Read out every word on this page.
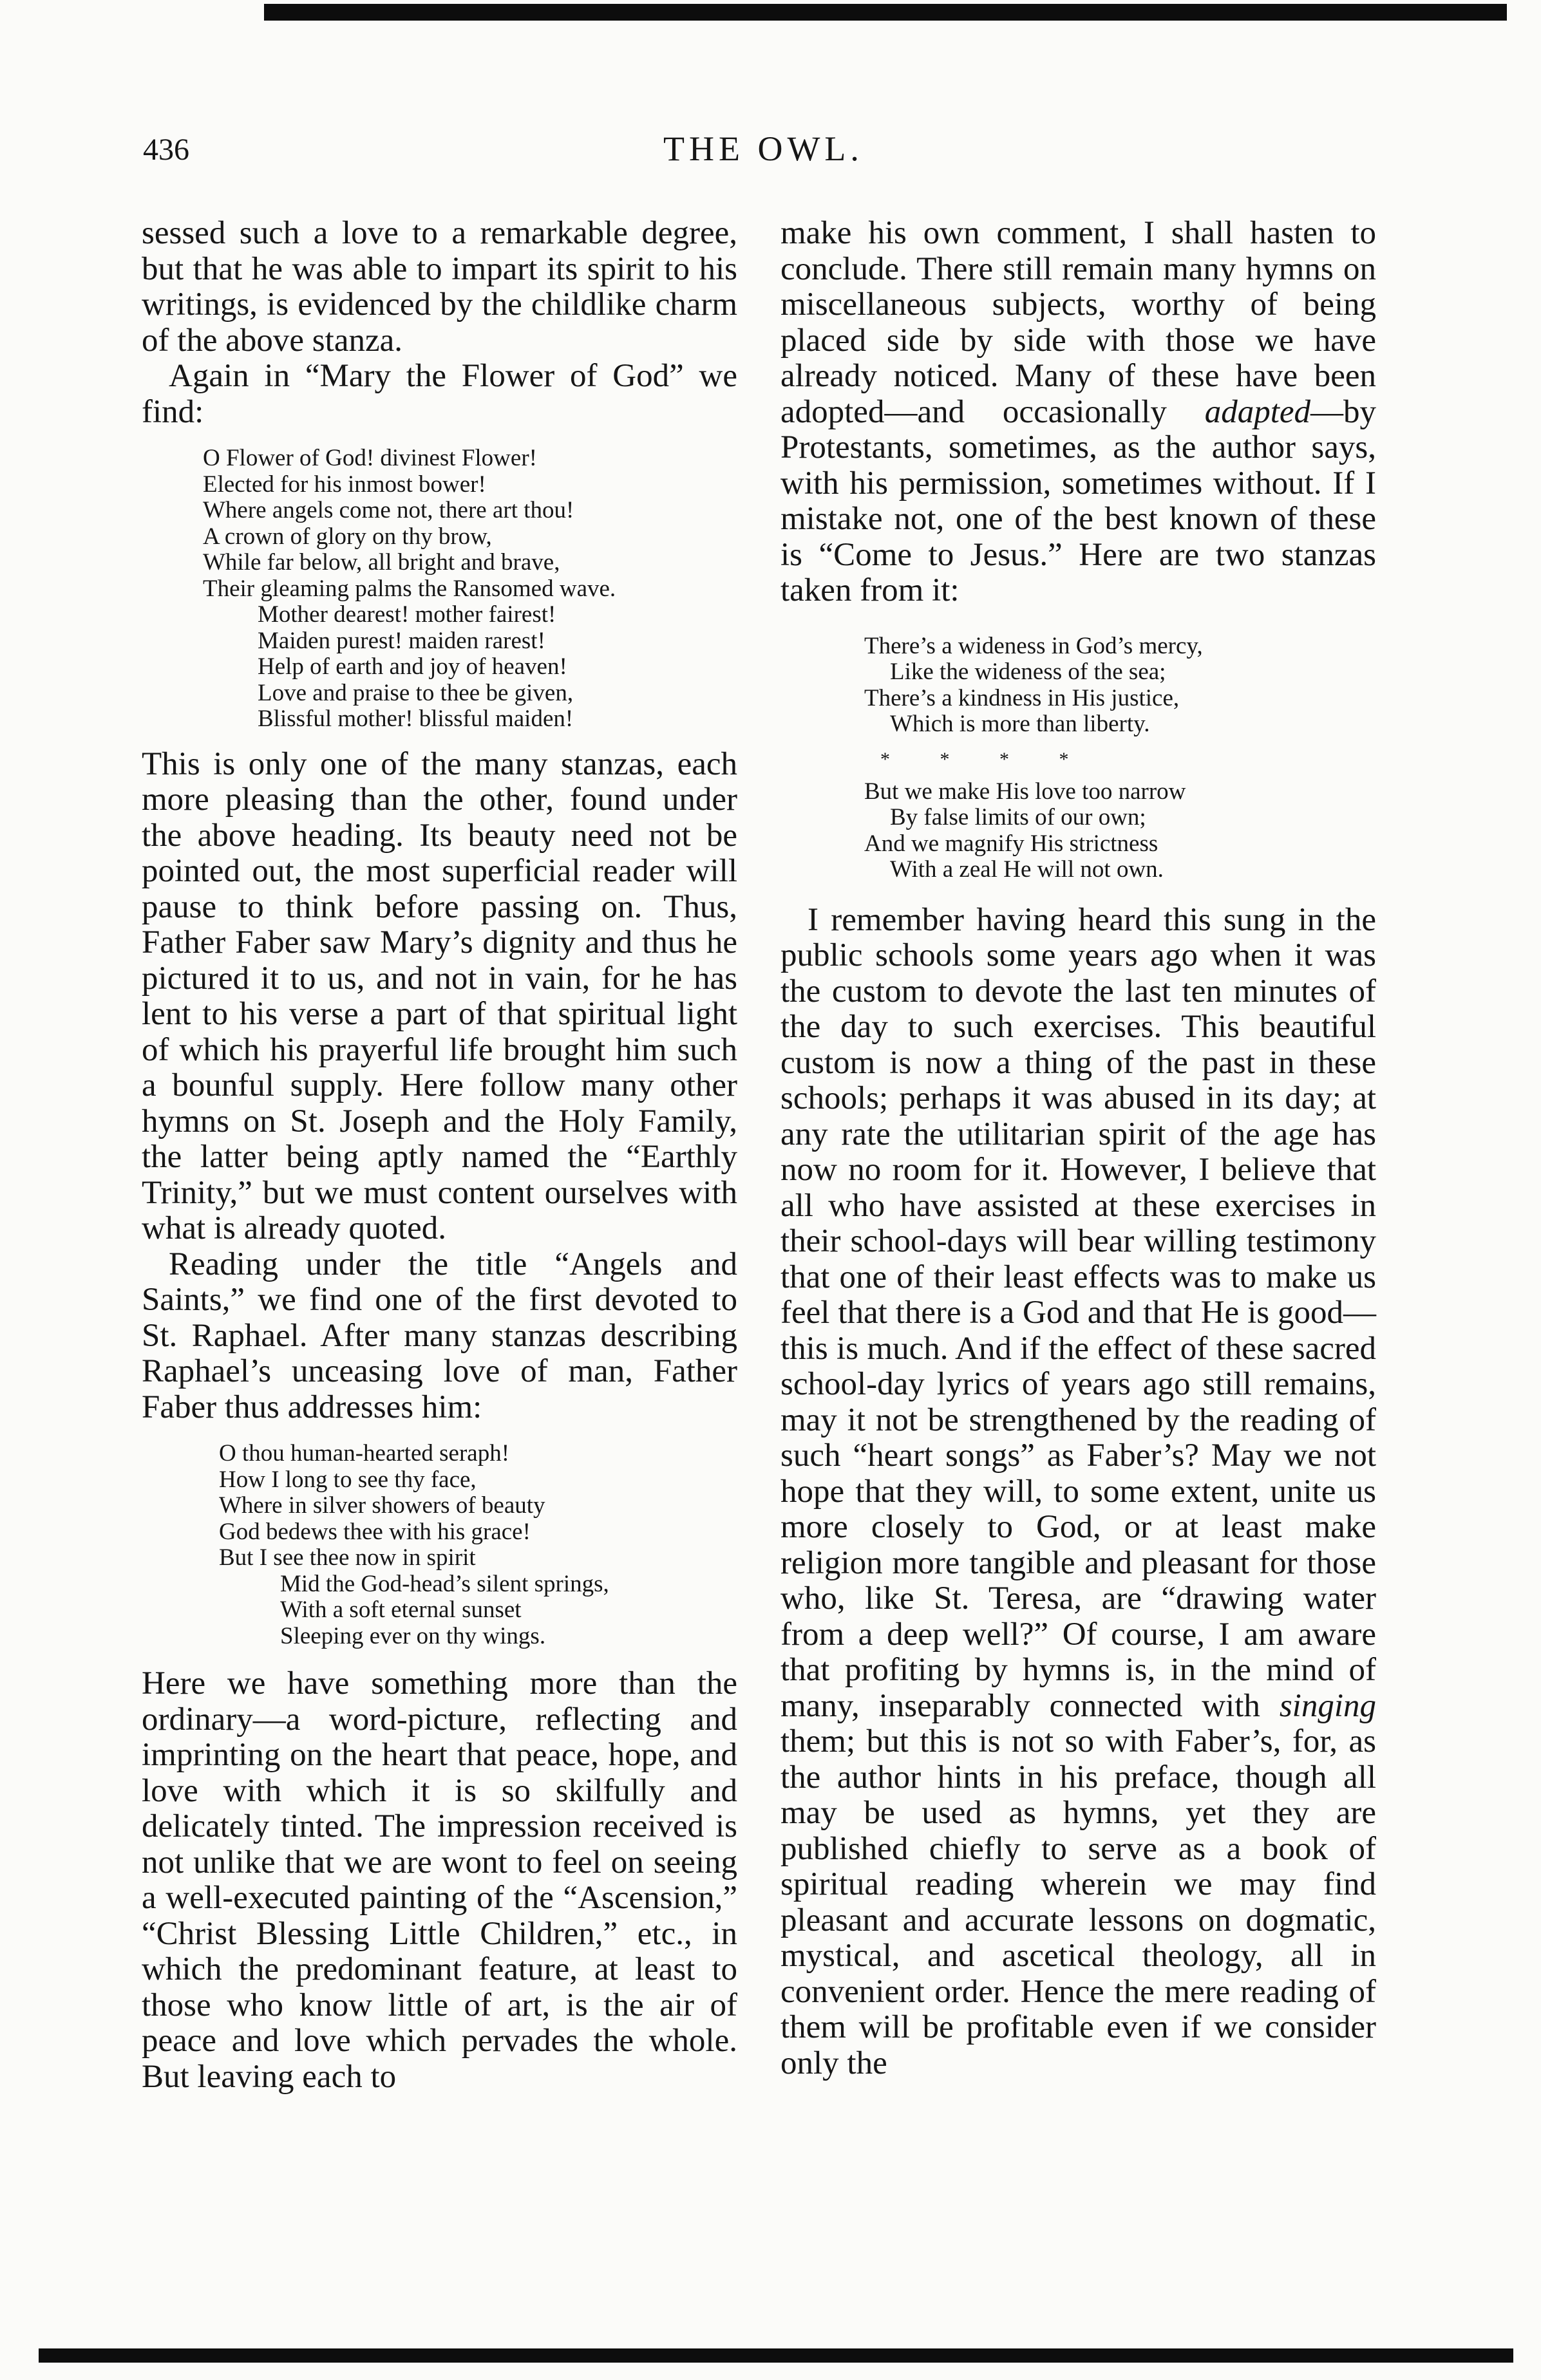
436	THE OWL.

sessed such a love to a remarkable degree, but that he was able to impart its spirit to his writings, is evidenced by the childlike charm of the above stanza.

Again in “Mary the Flower of God” we find:

O Flower of God! divinest Flower!
Elected for his inmost bower!
Where angels come not, there art thou!
A crown of glory on thy brow,
While far below, all bright and brave,
Their gleaming palms the Ransomed wave.
Mother dearest! mother fairest!
Maiden purest! maiden rarest!
Help of earth and joy of heaven!
Love and praise to thee be given,
Blissful mother! blissful maiden!

This is only one of the many stanzas, each more pleasing than the other, found under the above heading. Its beauty need not be pointed out, the most superficial reader will pause to think before passing on. Thus, Father Faber saw Mary’s dignity and thus he pictured it to us, and not in vain, for he has lent to his verse a part of that spiritual light of which his prayerful life brought him such a bounful supply. Here follow many other hymns on St. Joseph and the Holy Family, the latter being aptly named the “Earthly Trinity,” but we must content ourselves with what is already quoted.

Reading under the title “Angels and Saints,” we find one of the first devoted to St. Raphael. After many stanzas describing Raphael’s unceasing love of man, Father Faber thus addresses him:

O thou human-hearted seraph!
How I long to see thy face,
Where in silver showers of beauty
God bedews thee with his grace!
But I see thee now in spirit
Mid the God-head’s silent springs,
With a soft eternal sunset
Sleeping ever on thy wings.

Here we have something more than the ordinary—a word-picture, reflecting and imprinting on the heart that peace, hope, and love with which it is so skilfully and delicately tinted. The impression received is not unlike that we are wont to feel on seeing a well-executed painting of the “Ascension,” “Christ Blessing Little Children,” etc., in which the predominant feature, at least to those who know little of art, is the air of peace and love which pervades the whole. But leaving each to

make his own comment, I shall hasten to conclude. There still remain many hymns on miscellaneous subjects, worthy of being placed side by side with those we have already noticed. Many of these have been adopted—and occasionally adapted—by Protestants, sometimes, as the author says, with his permission, sometimes without. If I mistake not, one of the best known of these is “Come to Jesus.” Here are two stanzas taken from it:

There’s a wideness in God’s mercy,
Like the wideness of the sea;
There’s a kindness in His justice,
Which is more than liberty.
* * * *
But we make His love too narrow
By false limits of our own;
And we magnify His strictness
With a zeal He will not own.

I remember having heard this sung in the public schools some years ago when it was the custom to devote the last ten minutes of the day to such exercises. This beautiful custom is now a thing of the past in these schools; perhaps it was abused in its day; at any rate the utilitarian spirit of the age has now no room for it. However, I believe that all who have assisted at these exercises in their school-days will bear willing testimony that one of their least effects was to make us feel that there is a God and that He is good—this is much. And if the effect of these sacred school-day lyrics of years ago still remains, may it not be strengthened by the reading of such “heart songs” as Faber’s? May we not hope that they will, to some extent, unite us more closely to God, or at least make religion more tangible and pleasant for those who, like St. Teresa, are “drawing water from a deep well?” Of course, I am aware that profiting by hymns is, in the mind of many, inseparably connected with singing them; but this is not so with Faber’s, for, as the author hints in his preface, though all may be used as hymns, yet they are published chiefly to serve as a book of spiritual reading wherein we may find pleasant and accurate lessons on dogmatic, mystical, and ascetical theology, all in convenient order. Hence the mere reading of them will be profitable even if we consider only the
